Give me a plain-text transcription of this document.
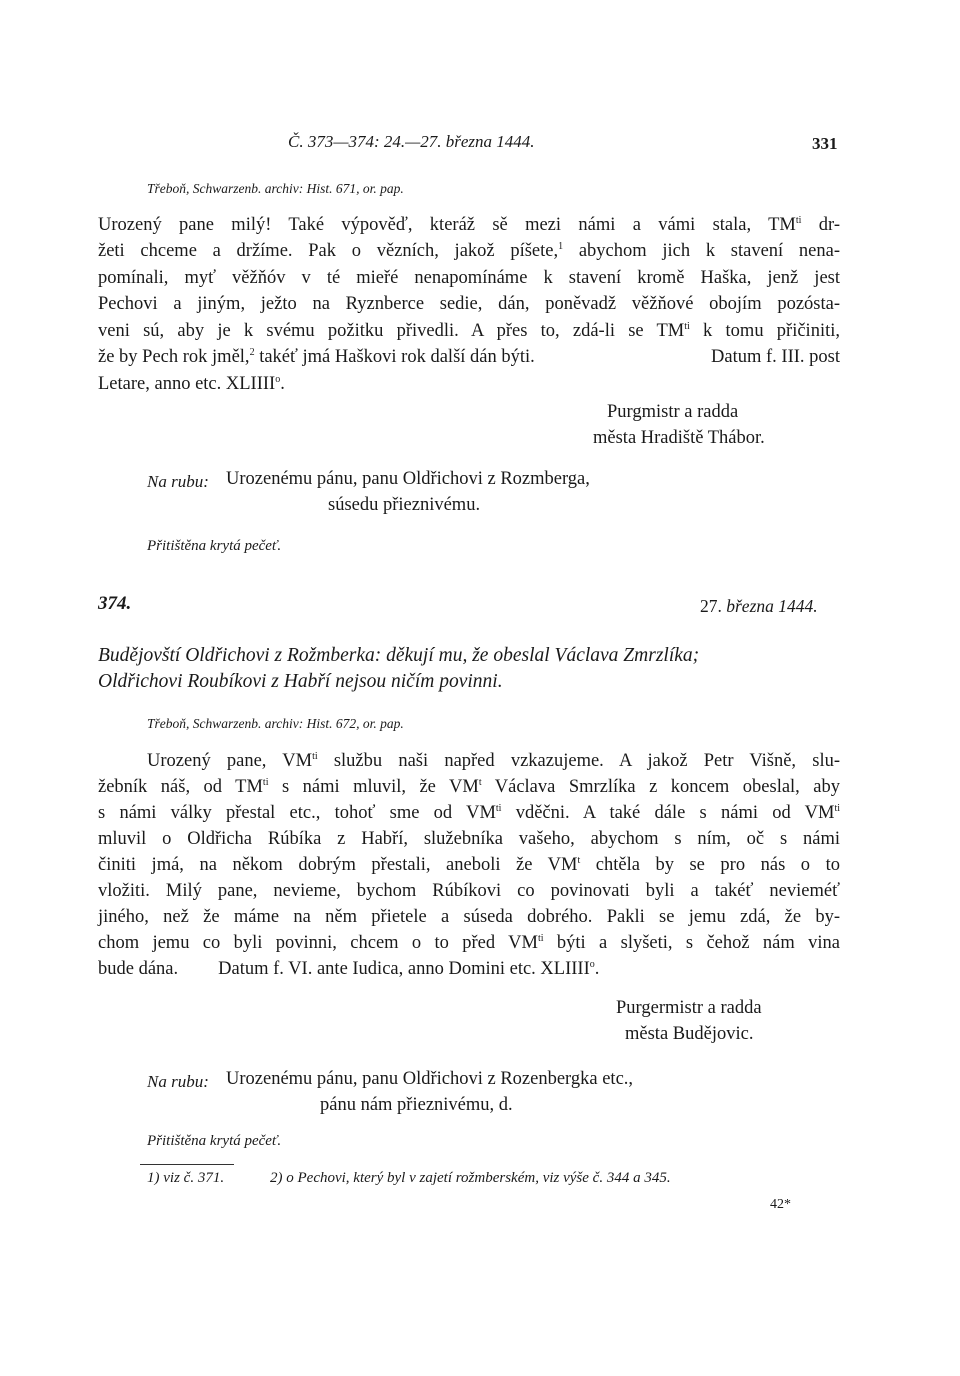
Č. 373—374: 24.—27. března 1444.	331
Třeboň, Schwarzenb. archiv: Hist. 671, or. pap.
Urozený pane milý! Také výpověď, kteráž sě mezi námi a vámi stala, $TM^{ti}$ dr-
žeti chceme a držíme. Pak o vězních, jakož píšete,$^1$ abychom jich k stavení nena-
pomínali, myť věžňóv v té mieřé nenapomínáme k stavení kromě Haška, jenž jest
Pechovi a jiným, ježto na Ryznberce sedie, dán, poněvadž věžňové obojím pozósta-
veni sú, aby je k svému požitku přivedli. A přes to, zdá-li se $TM^{ti}$ k tomu přičiniti,
že by Pech rok jměl,$^2$ takéť jmá Haškovi rok další dán býti.	Datum f. III. post
Letare, anno etc. XLIIII$^o$.
Purgmistr a radda
města Hradiště Thábor.
Na rubu: Urozenému pánu, panu Oldřichovi z Rozmberga,
súsedu přieznivému.
Přitištěna krytá pečeť.
374.	27. března 1444.
Budějovští Oldřichovi z Rožmberka: děkují mu, že obeslal Václava Zmrzlíka;
Oldřichovi Roubíkovi z Habří nejsou ničím povinni.
Třeboň, Schwarzenb. archiv: Hist. 672, or. pap.
Urozený pane, $VM^{ti}$ službu naši napřed vzkazujeme. A jakož Petr Višně, slu-
žebník náš, od $TM^{ti}$ s námi mluvil, že $VM^t$ Václava Smrzlíka z koncem obeslal, aby
s námi války přestal etc., tohoť sme od $VM^{ti}$ vděčni. A také dále s námi od $VM^{ti}$
mluvil o Oldřicha Rúbíka z Habří, služebníka vašeho, abychom s ním, oč s námi
činiti jmá, na někom dobrým přestali, aneboli že $VM^t$ chtěla by se pro nás o to
vložiti. Milý pane, nevieme, bychom Rúbíkovi co povinovati byli a takéť nevieméť
jiného, než že máme na něm přietele a súseda dobrého. Pakli se jemu zdá, že by-
chom jemu co byli povinni, chcem o to před $VM^{ti}$ býti a slyšeti, s čehož nám vina
bude dána. Datum f. VI. ante Iudica, anno Domini etc. XLIIII$^o$.
Purgermistr a radda
města Budějovic.
Na rubu: Urozenému pánu, panu Oldřichovi z Rozenbergka etc.,
pánu nám přieznivému, d.
Přitištěna krytá pečeť.
1) viz č. 371.	2) o Pechovi, který byl v zajetí rožmberském, viz výše č. 344 a 345.
42*
